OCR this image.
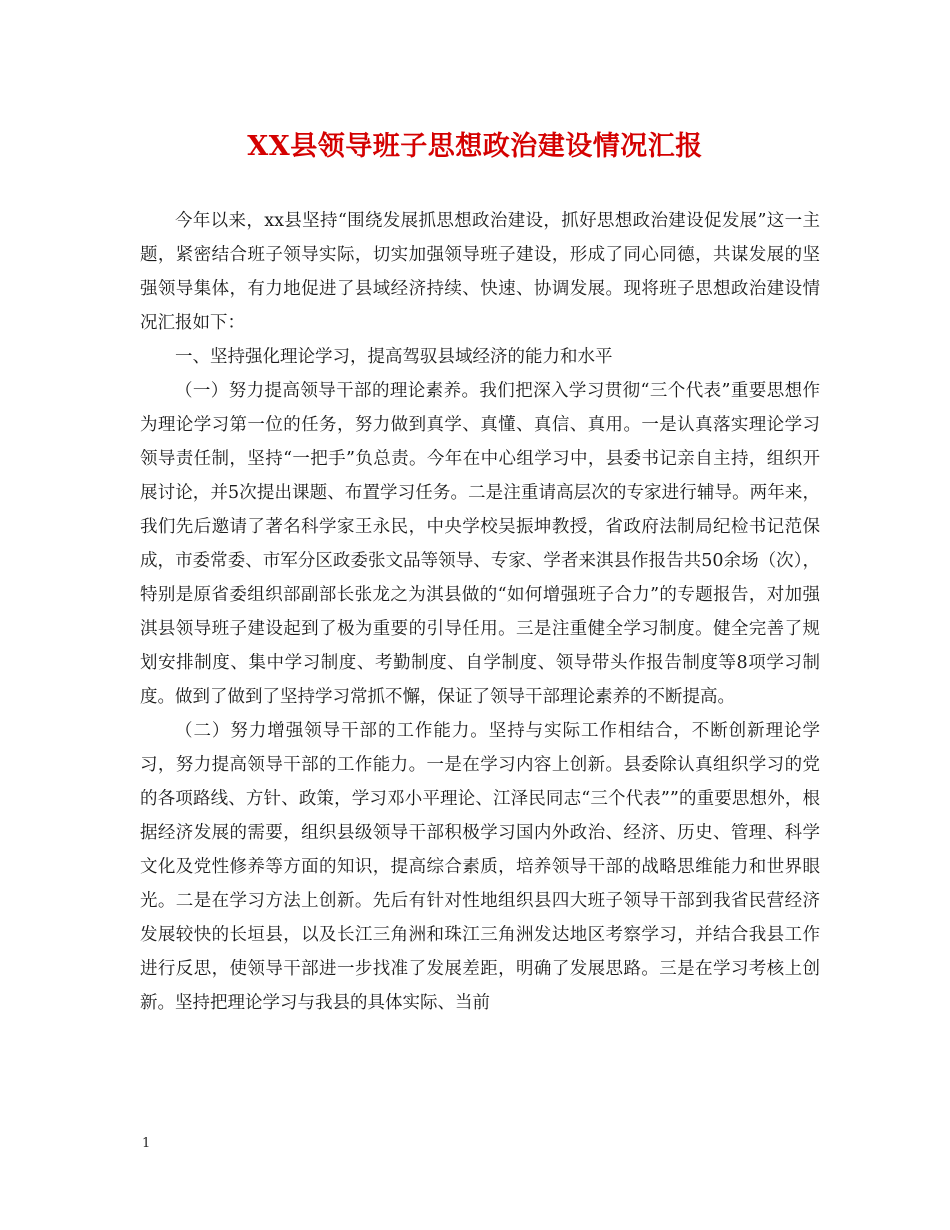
XX县领导班子思想政治建设情况汇报

今年以来，xx县坚持“围绕发展抓思想政治建设，抓好思想政治建设促发展”这一主题，紧密结合班子领导实际，切实加强领导班子建设，形成了同心同德，共谋发展的坚强领导集体，有力地促进了县域经济持续、快速、协调发展。现将班子思想政治建设情况汇报如下：

一、坚持强化理论学习，提高驾驭县域经济的能力和水平

（一）努力提高领导干部的理论素养。我们把深入学习贯彻“三个代表”重要思想作为理论学习第一位的任务，努力做到真学、真懂、真信、真用。一是认真落实理论学习领导责任制，坚持“一把手”负总责。今年在中心组学习中，县委书记亲自主持，组织开展讨论，并5次提出课题、布置学习任务。二是注重请高层次的专家进行辅导。两年来，我们先后邀请了著名科学家王永民，中央学校吴振坤教授，省政府法制局纪检书记范保成，市委常委、市军分区政委张文品等领导、专家、学者来淇县作报告共50余场（次），特别是原省委组织部副部长张龙之为淇县做的“如何增强班子合力”的专题报告，对加强淇县领导班子建设起到了极为重要的引导任用。三是注重健全学习制度。健全完善了规划安排制度、集中学习制度、考勤制度、自学制度、领导带头作报告制度等8项学习制度。做到了做到了坚持学习常抓不懈，保证了领导干部理论素养的不断提高。

（二）努力增强领导干部的工作能力。坚持与实际工作相结合，不断创新理论学习，努力提高领导干部的工作能力。一是在学习内容上创新。县委除认真组织学习的党的各项路线、方针、政策，学习邓小平理论、江泽民同志“三个代表””的重要思想外，根据经济发展的需要，组织县级领导干部积极学习国内外政治、经济、历史、管理、科学文化及党性修养等方面的知识，提高综合素质，培养领导干部的战略思维能力和世界眼光。二是在学习方法上创新。先后有针对性地组织县四大班子领导干部到我省民营经济发展较快的长垣县，以及长江三角洲和珠江三角洲发达地区考察学习，并结合我县工作进行反思，使领导干部进一步找准了发展差距，明确了发展思路。三是在学习考核上创新。坚持把理论学习与我县的具体实际、当前

1
